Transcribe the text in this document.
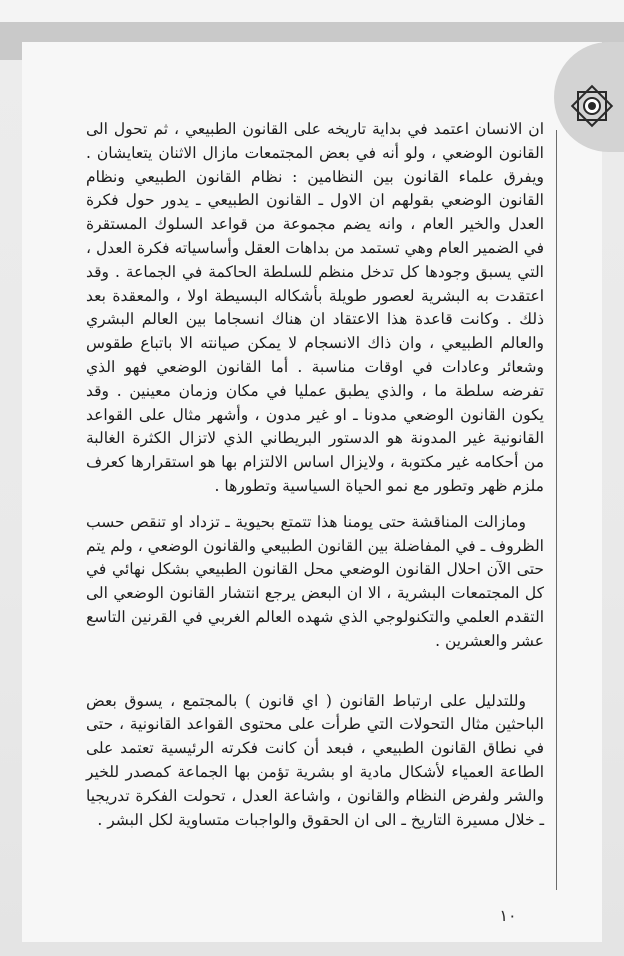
ان الانسان اعتمد في بداية تاريخه على القانون الطبيعي ، ثم تحول الى القانون الوضعي ، ولو أنه في بعض المجتمعات مازال الاثنان يتعايشان . ويفرق علماء القانون بين النظامين : نظام القانون الطبيعي ونظام القانون الوضعي بقولهم ان الاول ـ القانون الطبيعي ـ يدور حول فكرة العدل والخير العام ، وانه يضم مجموعة من قواعد السلوك المستقرة في الضمير العام وهي تستمد من بداهات العقل وأساسياته فكرة العدل ، التي يسبق وجودها كل تدخل منظم للسلطة الحاكمة في الجماعة . وقد اعتقدت به البشرية لعصور طويلة بأشكاله البسيطة اولا ، والمعقدة بعد ذلك . وكانت قاعدة هذا الاعتقاد ان هناك انسجاما بين العالم البشري والعالم الطبيعي ، وان ذاك الانسجام لا يمكن صيانته الا باتباع طقوس وشعائر وعادات في اوقات مناسبة . أما القانون الوضعي فهو الذي تفرضه سلطة ما ، والذي يطبق عمليا في مكان وزمان معينين . وقد يكون القانون الوضعي مدونا ـ او غير مدون ، وأشهر مثال على القواعد القانونية غير المدونة هو الدستور البريطاني الذي لاتزال الكثرة الغالبة من أحكامه غير مكتوبة ، ولايزال اساس الالتزام بها هو استقرارها كعرف ملزم ظهر وتطور مع نمو الحياة السياسية وتطورها .

ومازالت المناقشة حتى يومنا هذا تتمتع بحيوية ـ تزداد او تنقص حسب الظروف ـ في المفاضلة بين القانون الطبيعي والقانون الوضعي ، ولم يتم حتى الآن احلال القانون الوضعي محل القانون الطبيعي بشكل نهائي في كل المجتمعات البشرية ، الا ان البعض يرجع انتشار القانون الوضعي الى التقدم العلمي والتكنولوجي الذي شهده العالم الغربي في القرنين التاسع عشر والعشرين .

وللتدليل على ارتباط القانون ( اي قانون ) بالمجتمع ، يسوق بعض الباحثين مثال التحولات التي طرأت على محتوى القواعد القانونية ، حتى في نطاق القانون الطبيعي ، فبعد أن كانت فكرته الرئيسية تعتمد على الطاعة العمياء لأشكال مادية او بشرية تؤمن بها الجماعة كمصدر للخير والشر ولفرض النظام والقانون ، واشاعة العدل ، تحولت الفكرة تدريجيا ـ خلال مسيرة التاريخ ـ الى ان الحقوق والواجبات متساوية لكل البشر .

١٠
